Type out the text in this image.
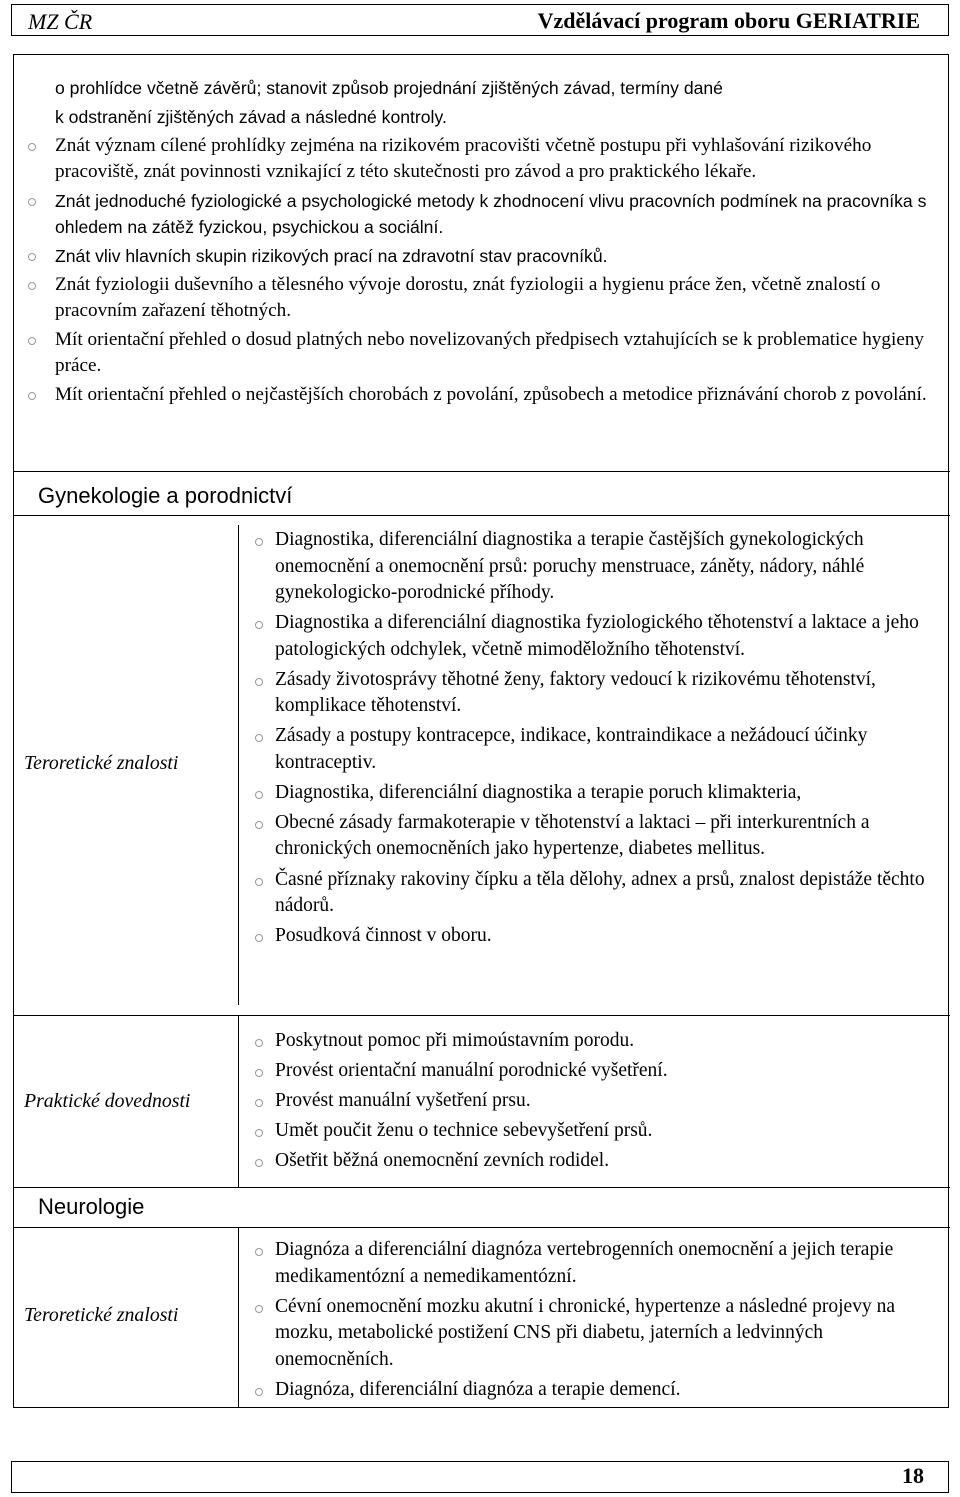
MZ ČR	Vzdělávací program oboru GERIATRIE
o prohlídce včetně závěrů; stanovit způsob projednání zjištěných závad, termíny dané
k odstranění zjištěných závad a následné kontroly.
Znát význam cílené prohlídky zejména na rizikovém pracovišti včetně postupu při vyhlašování rizikového pracoviště, znát povinnosti vznikající z této skutečnosti pro závod a pro praktického lékaře.
Znát jednoduché fyziologické a psychologické metody k zhodnocení vlivu pracovních podmínek na pracovníka s ohledem na zátěž fyzickou, psychickou a sociální.
Znát vliv hlavních skupin rizikových prací na zdravotní stav pracovníků.
Znát fyziologii duševního a tělesného vývoje dorostu, znát fyziologii a hygienu práce žen, včetně znalostí o pracovním zařazení těhotných.
Mít orientační přehled o dosud platných nebo novelizovaných předpisech vztahujících se k problematice hygieny práce.
Mít orientační přehled o nejčastějších chorobách z povolání, způsobech a metodice přiznávání chorob z povolání.
Gynekologie a porodnictví
Teroretické znalosti
Diagnostika, diferenciální diagnostika a terapie častějších gynekologických onemocnění a onemocnění prsů: poruchy menstruace, záněty, nádory, náhlé gynekologicko-porodnické příhody.
Diagnostika a diferenciální diagnostika fyziologického těhotenství a laktace a jeho patologických odchylek, včetně mimoděložního těhotenství.
Zásady životosprávy těhotné ženy, faktory vedoucí k rizikovému těhotenství, komplikace těhotenství.
Zásady a postupy kontracepce, indikace, kontraindikace a nežádoucí účinky kontraceptiv.
Diagnostika, diferenciální diagnostika a terapie poruch klimakteria,
Obecné zásady farmakoterapie v těhotenství a laktaci – při interkurentních a chronických onemocněních jako hypertenze, diabetes mellitus.
Časné příznaky rakoviny čípku a těla dělohy, adnex a prsů, znalost depistáže těchto nádorů.
Posudková činnost v oboru.
Praktické dovednosti
Poskytnout pomoc při mimoústavním porodu.
Provést orientační manuální porodnické vyšetření.
Provést manuální vyšetření prsu.
Umět poučit ženu o technice sebevyšetření prsů.
Ošetřit běžná onemocnění zevních rodidel.
Neurologie
Teroretické znalosti
Diagnóza a diferenciální diagnóza vertebrogenních onemocnění a jejich terapie medikamentózní a nemedikamentózní.
Cévní onemocnění mozku akutní i chronické, hypertenze a následné projevy na mozku, metabolické postižení CNS při diabetu, jaterních a ledvinných onemocněních.
Diagnóza, diferenciální diagnóza a terapie demencí.
18
